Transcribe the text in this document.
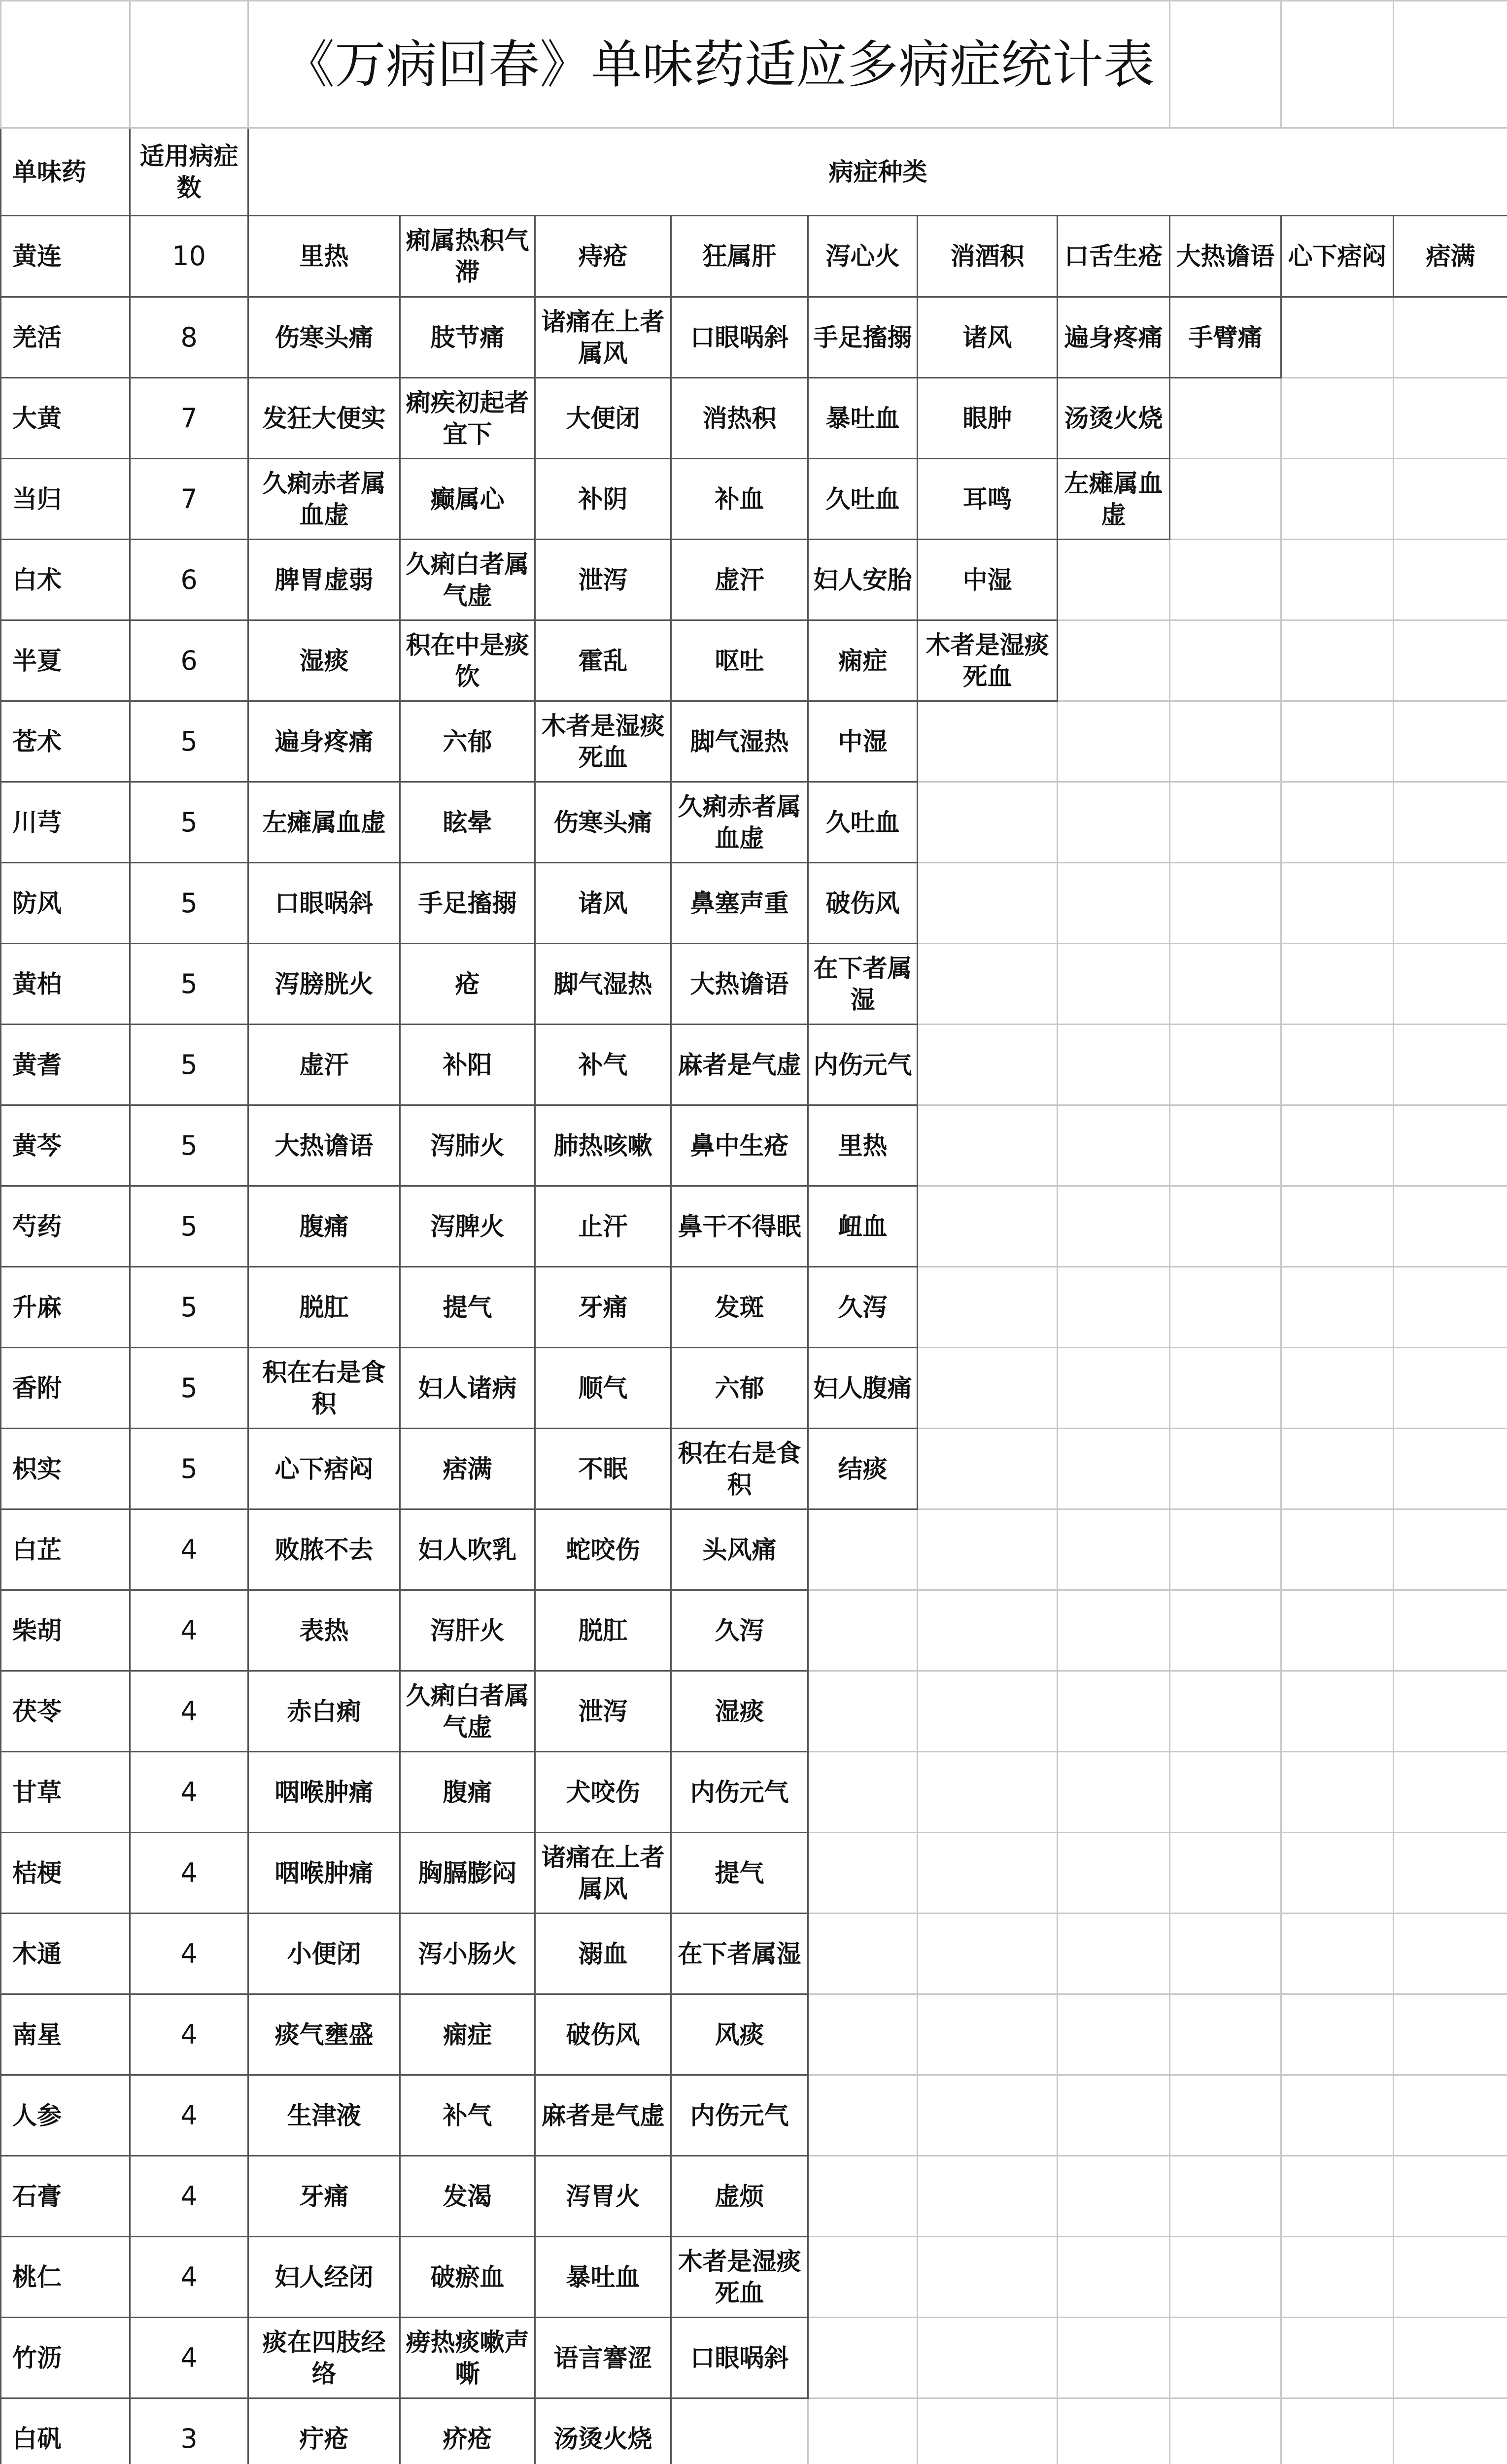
		《万病回春》单味药适应多病症统计表									
单味药	适用病症数	病症种类									
黄连	10	里热	痢属热积气滞	痔疮	狂属肝	泻心火	消酒积	口舌生疮	大热谵语	心下痞闷	痞满
羌活	8	伤寒头痛	肢节痛	诸痛在上者属风	口眼㖞斜	手足搐搦	诸风	遍身疼痛	手臂痛		
大黄	7	发狂大便实	痢疾初起者宜下	大便闭	消热积	暴吐血	眼肿	汤烫火烧			
当归	7	久痢赤者属血虚	癫属心	补阴	补血	久吐血	耳鸣	左瘫属血虚			
白术	6	脾胃虚弱	久痢白者属气虚	泄泻	虚汗	妇人安胎	中湿				
半夏	6	湿痰	积在中是痰饮	霍乱	呕吐	痫症	木者是湿痰死血				
苍术	5	遍身疼痛	六郁	木者是湿痰死血	脚气湿热	中湿					
川芎	5	左瘫属血虚	眩晕	伤寒头痛	久痢赤者属血虚	久吐血					
防风	5	口眼㖞斜	手足搐搦	诸风	鼻塞声重	破伤风					
黄柏	5	泻膀胱火	疮	脚气湿热	大热谵语	在下者属湿					
黄耆	5	虚汗	补阳	补气	麻者是气虚	内伤元气					
黄芩	5	大热谵语	泻肺火	肺热咳嗽	鼻中生疮	里热					
芍药	5	腹痛	泻脾火	止汗	鼻干不得眠	衄血					
升麻	5	脱肛	提气	牙痛	发斑	久泻					
香附	5	积在右是食积	妇人诸病	顺气	六郁	妇人腹痛					
枳实	5	心下痞闷	痞满	不眠	积在右是食积	结痰					
白芷	4	败脓不去	妇人吹乳	蛇咬伤	头风痛						
柴胡	4	表热	泻肝火	脱肛	久泻						
茯苓	4	赤白痢	久痢白者属气虚	泄泻	湿痰						
甘草	4	咽喉肿痛	腹痛	犬咬伤	内伤元气						
桔梗	4	咽喉肿痛	胸膈膨闷	诸痛在上者属风	提气						
木通	4	小便闭	泻小肠火	溺血	在下者属湿						
南星	4	痰气壅盛	痫症	破伤风	风痰						
人参	4	生津液	补气	麻者是气虚	内伤元气						
石膏	4	牙痛	发渴	泻胃火	虚烦						
桃仁	4	妇人经闭	破瘀血	暴吐血	木者是湿痰死血						
竹沥	4	痰在四肢经络	痨热痰嗽声嘶	语言謇涩	口眼㖞斜						
白矾	3	疔疮	疥疮	汤烫火烧							
